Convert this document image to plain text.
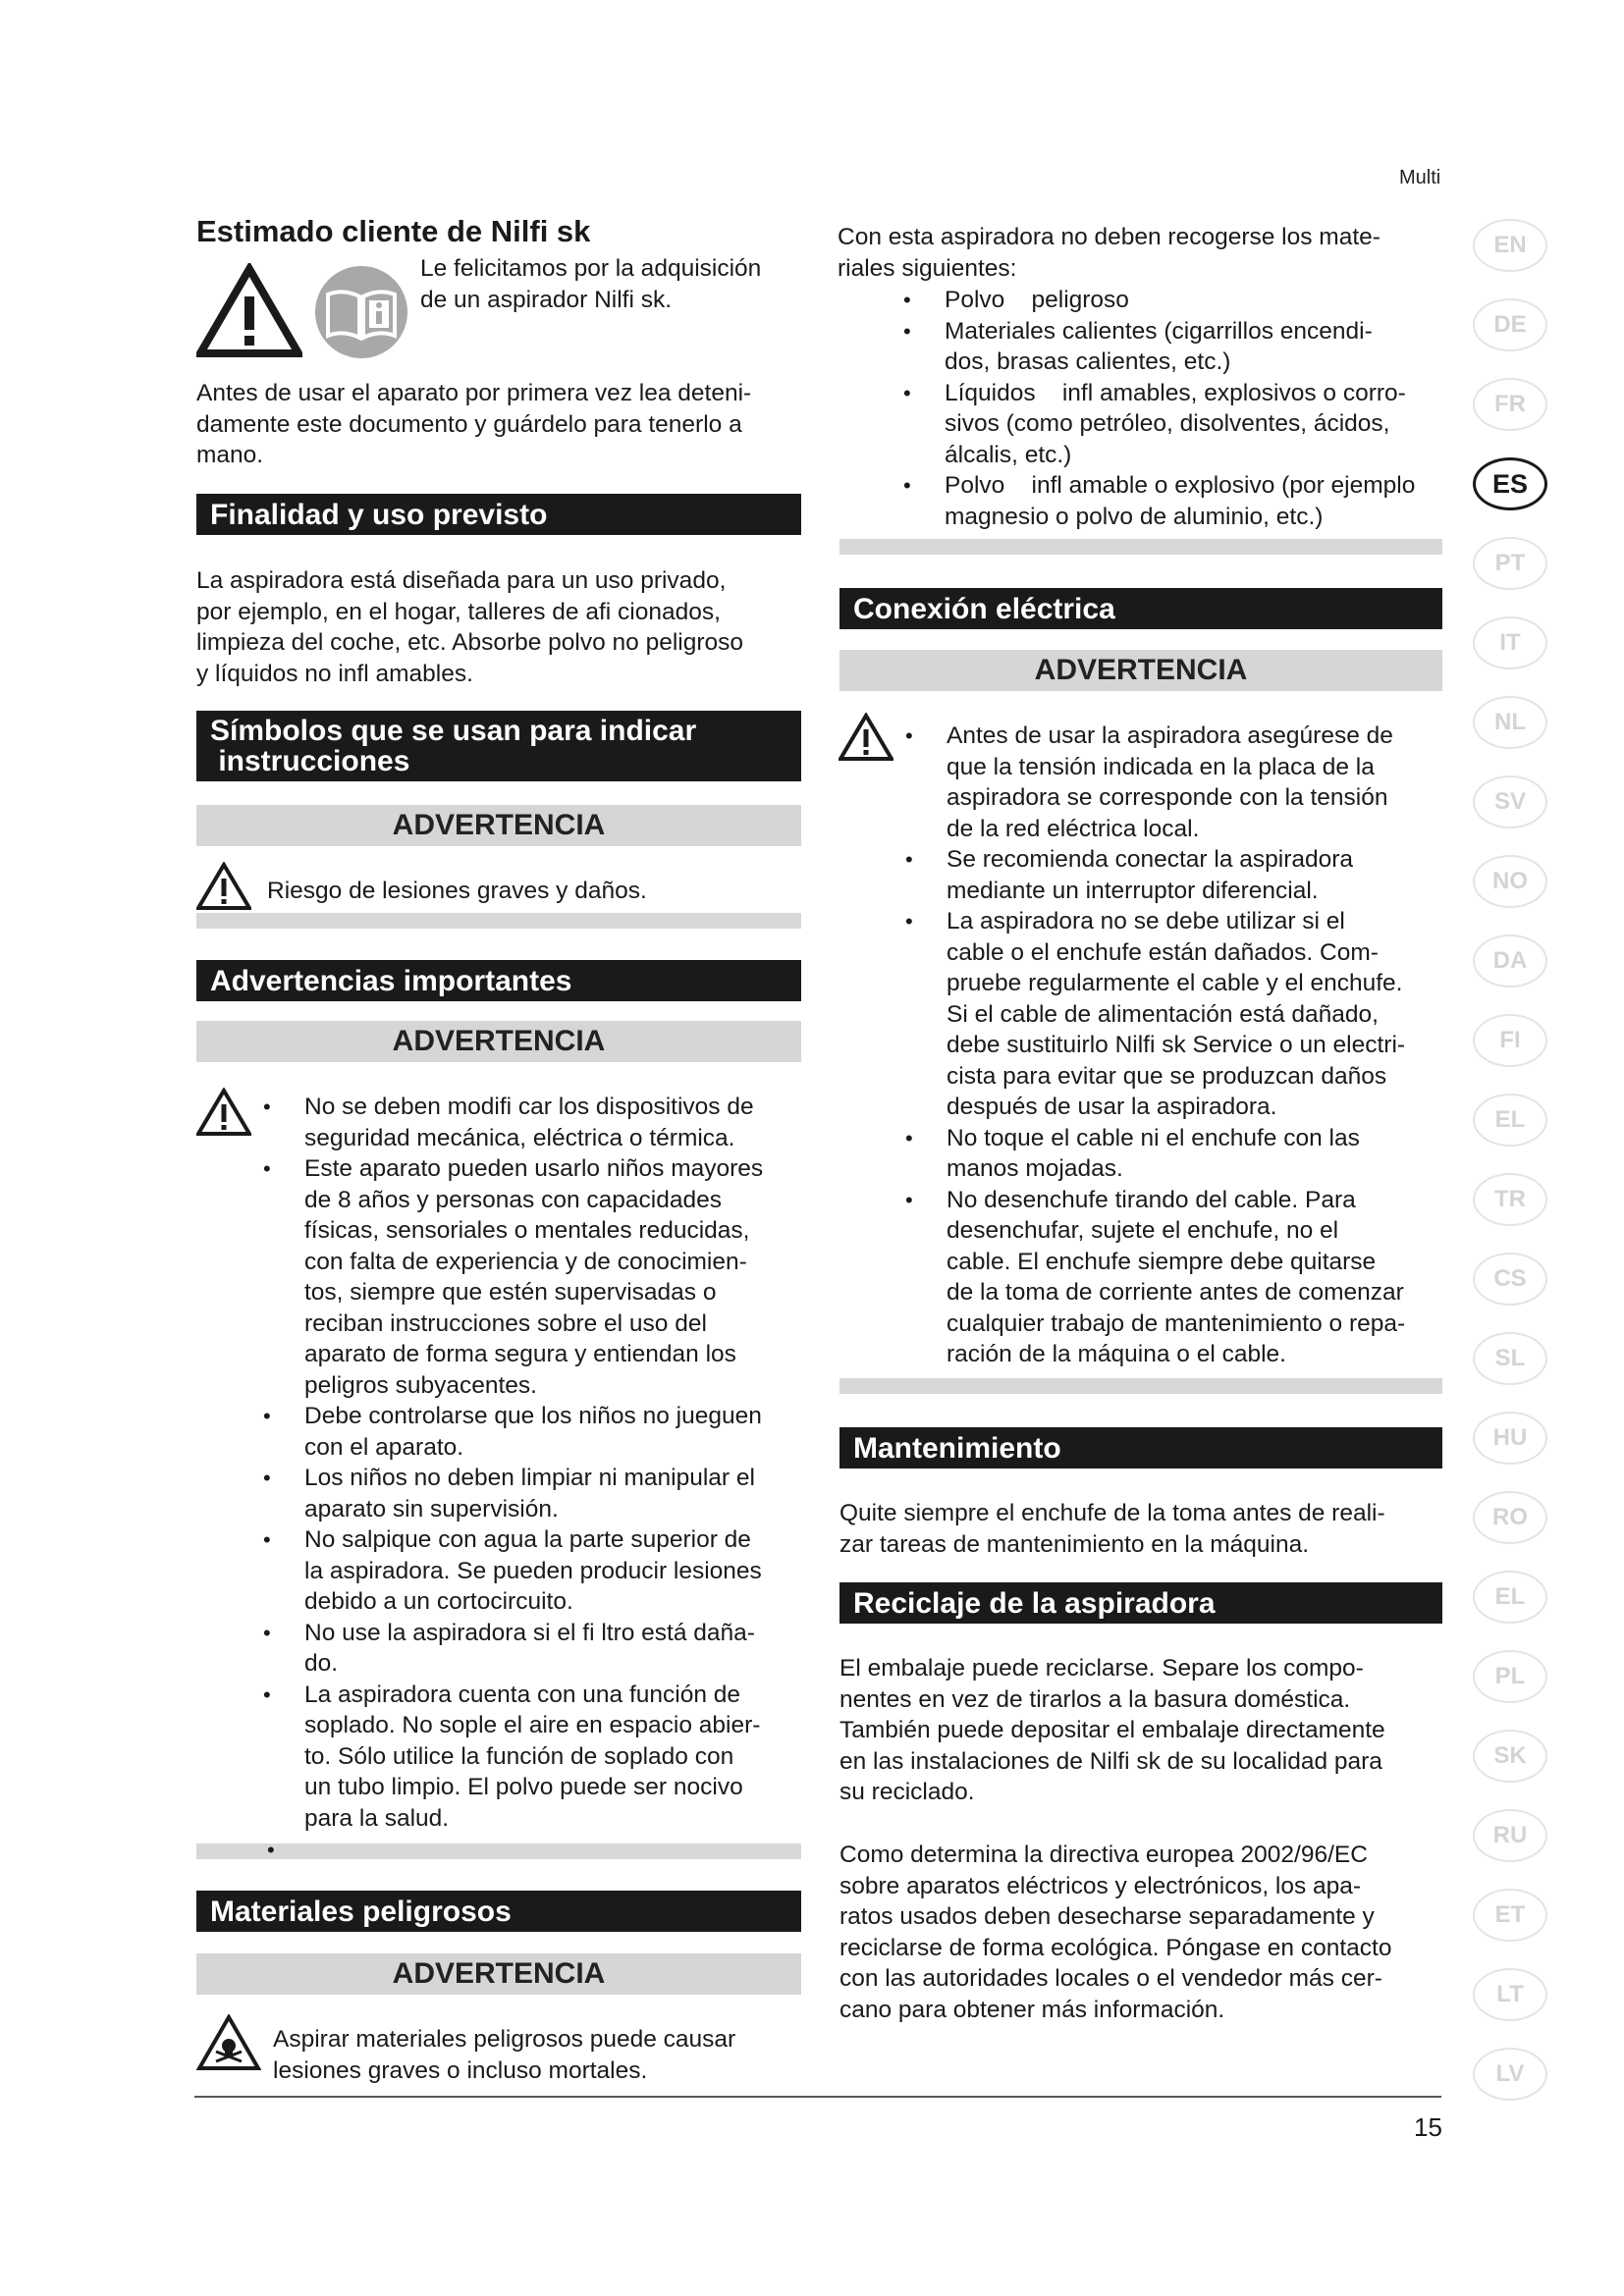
Multi
Estimado cliente de Nilfi sk

Le felicitamos por la adquisición

de un aspirador Nilfi sk.

Antes de usar el aparato por primera vez lea deteni-

damente este documento y guárdelo para tenerlo a

mano.

Finalidad y uso previsto

La aspiradora está diseñada para un uso privado,

por ejemplo, en el hogar, talleres de afi cionados,

limpieza del coche, etc. Absorbe polvo no peligroso

y líquidos no infl amables.

Símbolos que se usan para indicar
instrucciones
ADVERTENCIA

Riesgo de lesiones graves y daños.

Advertencias importantes
ADVERTENCIA
• No se deben modifi car los dispositivos de
seguridad mecánica, eléctrica o térmica.
• Este aparato pueden usarlo niños mayores
de 8 años y personas con capacidades
físicas, sensoriales o mentales reducidas,
con falta de experiencia y de conocimien-
tos, siempre que estén supervisadas o
reciban instrucciones sobre el uso del
aparato de forma segura y entiendan los
peligros subyacentes.
• Debe controlarse que los niños no jueguen
con el aparato.
• Los niños no deben limpiar ni manipular el
aparato sin supervisión.
• No salpique con agua la parte superior de
la aspiradora. Se pueden producir lesiones
debido a un cortocircuito.
• No use la aspiradora si el fi ltro está daña-
do.
• La aspiradora cuenta con una función de
soplado. No sople el aire en espacio abier-
to. Sólo utilice la función de soplado con
un tubo limpio. El polvo puede ser nocivo
para la salud.
•
Materiales peligrosos
ADVERTENCIA

Aspirar materiales peligrosos puede causar

lesiones graves o incluso mortales.

Con esta aspiradora no deben recogerse los mate-

riales siguientes:

• Polvo    peligroso
• Materiales calientes (cigarrillos encendi-
dos, brasas calientes, etc.)
• Líquidos    infl amables, explosivos o corro-
sivos (como petróleo, disolventes, ácidos,
álcalis, etc.)
• Polvo    infl amable o explosivo (por ejemplo
magnesio o polvo de aluminio, etc.)
Conexión eléctrica
ADVERTENCIA
• Antes de usar la aspiradora asegúrese de
que la tensión indicada en la placa de la
aspiradora se corresponde con la tensión
de la red eléctrica local.
• Se recomienda conectar la aspiradora
mediante un interruptor diferencial.
• La aspiradora no se debe utilizar si el
cable o el enchufe están dañados. Com-
pruebe regularmente el cable y el enchufe.
Si el cable de alimentación está dañado,
debe sustituirlo Nilfi sk Service o un electri-
cista para evitar que se produzcan daños
después de usar la aspiradora.
• No toque el cable ni el enchufe con las
manos mojadas.
• No desenchufe tirando del cable. Para
desenchufar, sujete el enchufe, no el
cable. El enchufe siempre debe quitarse
de la toma de corriente antes de comenzar
cualquier trabajo de mantenimiento o repa-
ración de la máquina o el cable.
Mantenimiento

Quite siempre el enchufe de la toma antes de reali-

zar tareas de mantenimiento en la máquina.

Reciclaje de la aspiradora

El embalaje puede reciclarse. Separe los compo-

nentes en vez de tirarlos a la basura doméstica.

También puede depositar el embalaje directamente

en las instalaciones de Nilfi sk de su localidad para

su reciclado.

Como determina la directiva europea 2002/96/EC

sobre aparatos eléctricos y electrónicos, los apa-

ratos usados deben desecharse separadamente y

reciclarse de forma ecológica. Póngase en contacto

con las autoridades locales o el vendedor más cer-

cano para obtener más información.

EN
DE
FR
ES
PT
IT
NL
SV
NO
DA
FI
EL
TR
CS
SL
HU
RO
EL
PL
SK
RU
ET
LT
LV
15
